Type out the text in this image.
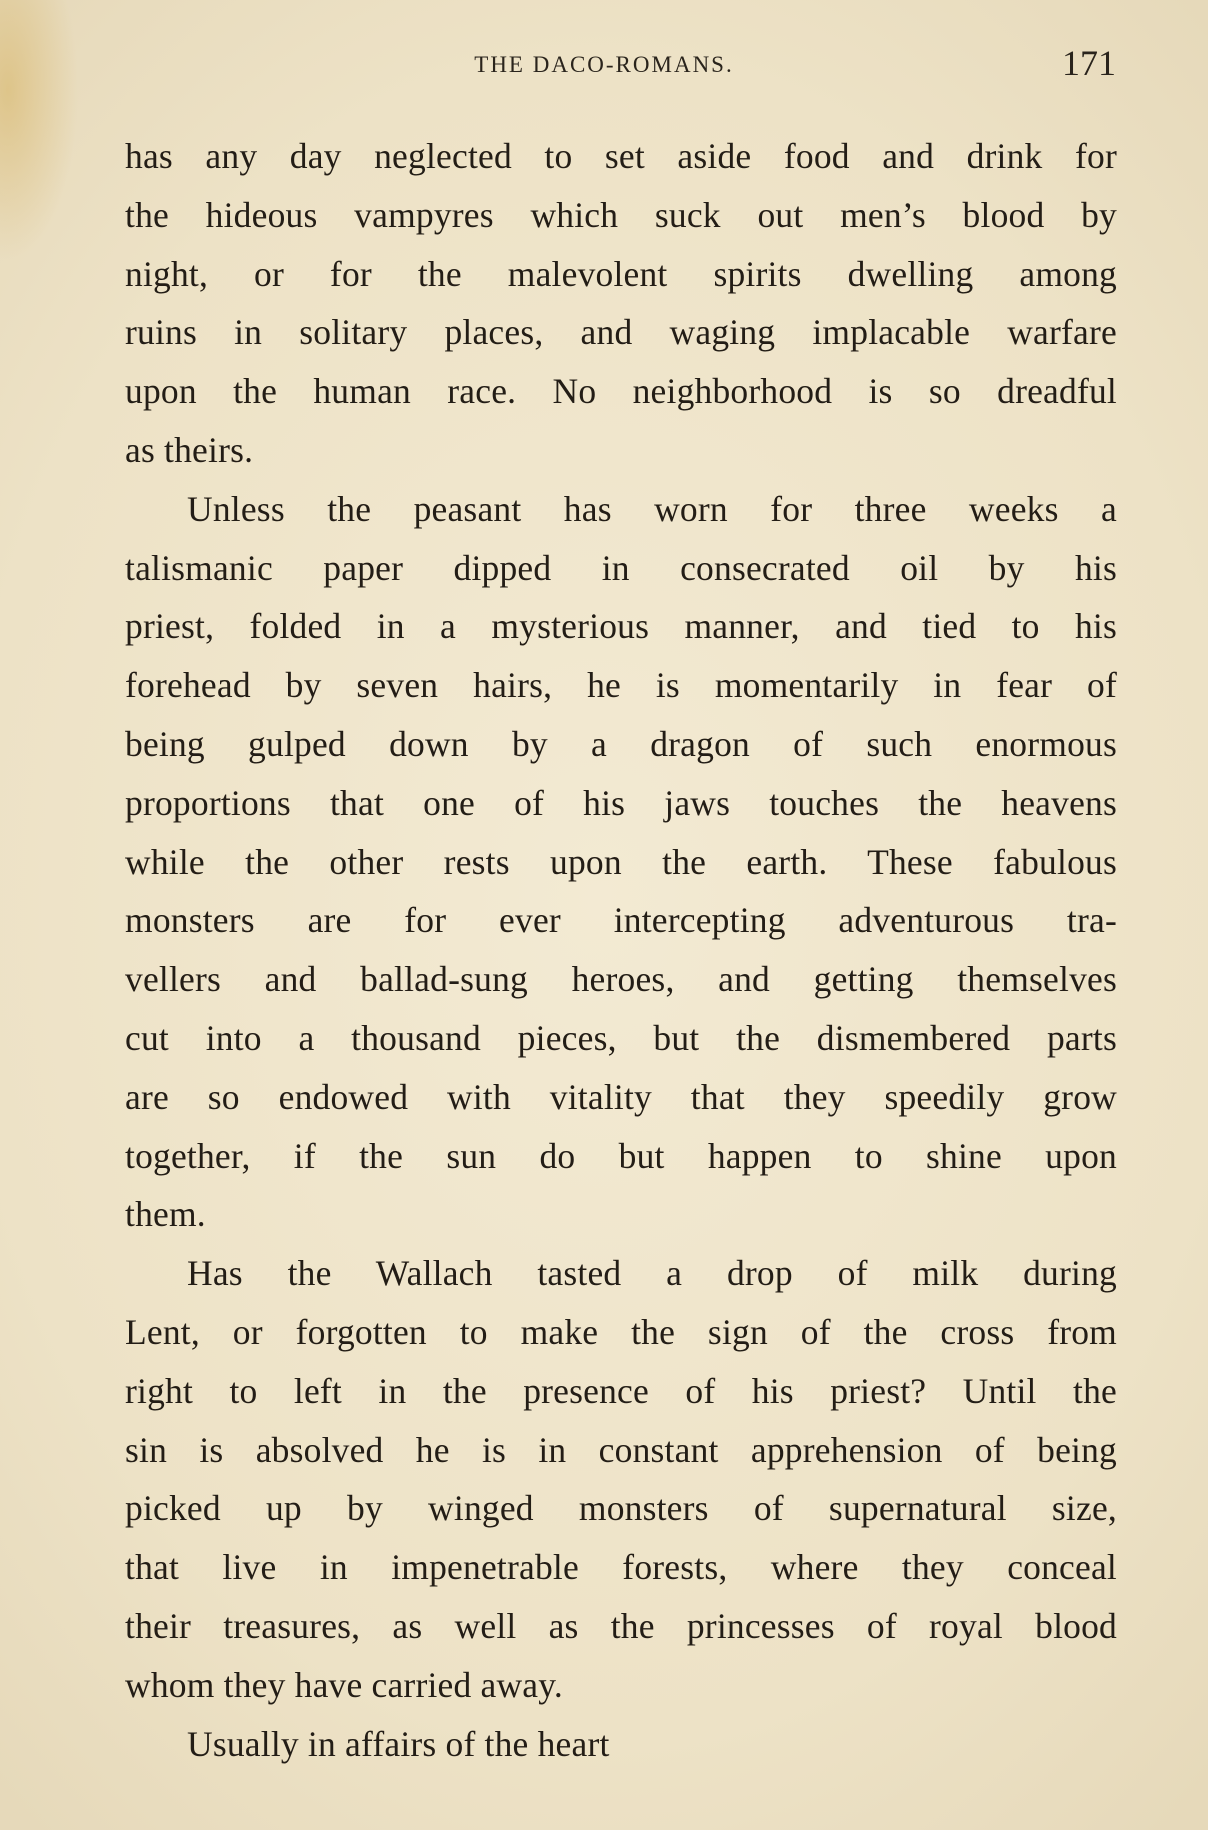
THE DACO-ROMANS.	171
has any day neglected to set aside food and drink for
the hideous vampyres which suck out men’s blood by
night, or for the malevolent spirits dwelling among
ruins in solitary places, and waging implacable warfare
upon the human race. No neighborhood is so dreadful
as theirs.
Unless the peasant has worn for three weeks a
talismanic paper dipped in consecrated oil by his
priest, folded in a mysterious manner, and tied to his
forehead by seven hairs, he is momentarily in fear of
being gulped down by a dragon of such enormous
proportions that one of his jaws touches the heavens
while the other rests upon the earth. These fabulous
monsters are for ever intercepting adventurous tra-
vellers and ballad-sung heroes, and getting themselves
cut into a thousand pieces, but the dismembered parts
are so endowed with vitality that they speedily grow
together, if the sun do but happen to shine upon
them.
Has the Wallach tasted a drop of milk during
Lent, or forgotten to make the sign of the cross from
right to left in the presence of his priest? Until the
sin is absolved he is in constant apprehension of being
picked up by winged monsters of supernatural size,
that live in impenetrable forests, where they conceal
their treasures, as well as the princesses of royal blood
whom they have carried away.
Usually in affairs of the heart
